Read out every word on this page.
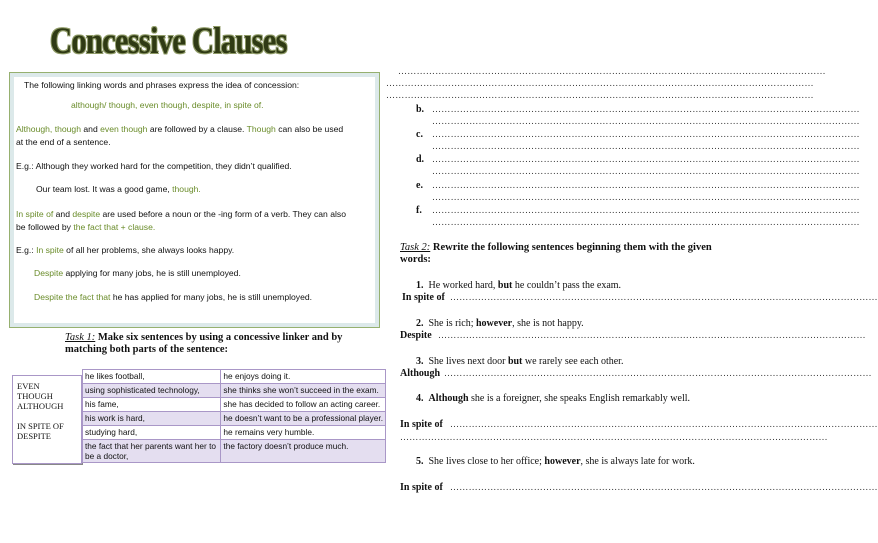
Concessive Clauses
The following linking words and phrases express the idea of concession:
although/ though, even though, despite, in spite of.
Although, though and even though are followed by a clause. Though can also be used
at the end of a sentence.
E.g.: Although they worked hard for the competition, they didn’t qualified.
Our team lost. It was a good game, though.
In spite of and despite are used before a noun or the -ing form of a verb. They can also
be followed by the fact that + clause.
E.g.: In spite of all her problems, she always looks happy.
Despite applying for many jobs, he is still unemployed.
Despite the fact that he has applied for many jobs, he is still unemployed.
Task 1: Make six sentences by using a concessive linker and by matching both parts of the sentence:
EVEN
THOUGH
ALTHOUGH
IN SPITE OF
DESPITE
he likes football,	he enjoys doing it.
using sophisticated technology,	she thinks she won’t succeed in the exam.
his fame,	she has decided to follow an acting career.
his work is hard,	he doesn’t want to be a professional player.
studying hard,	he remains very humble.
the fact that her parents want her to be a doctor,	the factory doesn’t produce much.
…………………………………………………………………………………………………………………………
…………………………………………………………………………………………………………………………
…………………………………………………………………………………………………………………………
b. …………………………………………………………………………………………………………………………
…………………………………………………………………………………………………………………………
c. …………………………………………………………………………………………………………………………
…………………………………………………………………………………………………………………………
d. …………………………………………………………………………………………………………………………
…………………………………………………………………………………………………………………………
e. …………………………………………………………………………………………………………………………
…………………………………………………………………………………………………………………………
f. …………………………………………………………………………………………………………………………
…………………………………………………………………………………………………………………………
Task 2: Rewrite the following sentences beginning them with the given words:
1. He worked hard, but he couldn’t pass the exam.
In spite of …………………………………………………………………………………………………………………………
2. She is rich; however, she is not happy.
Despite …………………………………………………………………………………………………………………………
3. She lives next door but we rarely see each other.
Although …………………………………………………………………………………………………………………………
4. Although she is a foreigner, she speaks English remarkably well.
In spite of …………………………………………………………………………………………………………………………
…………………………………………………………………………………………………………………………
5. She lives close to her office; however, she is always late for work.
In spite of …………………………………………………………………………………………………………………………
